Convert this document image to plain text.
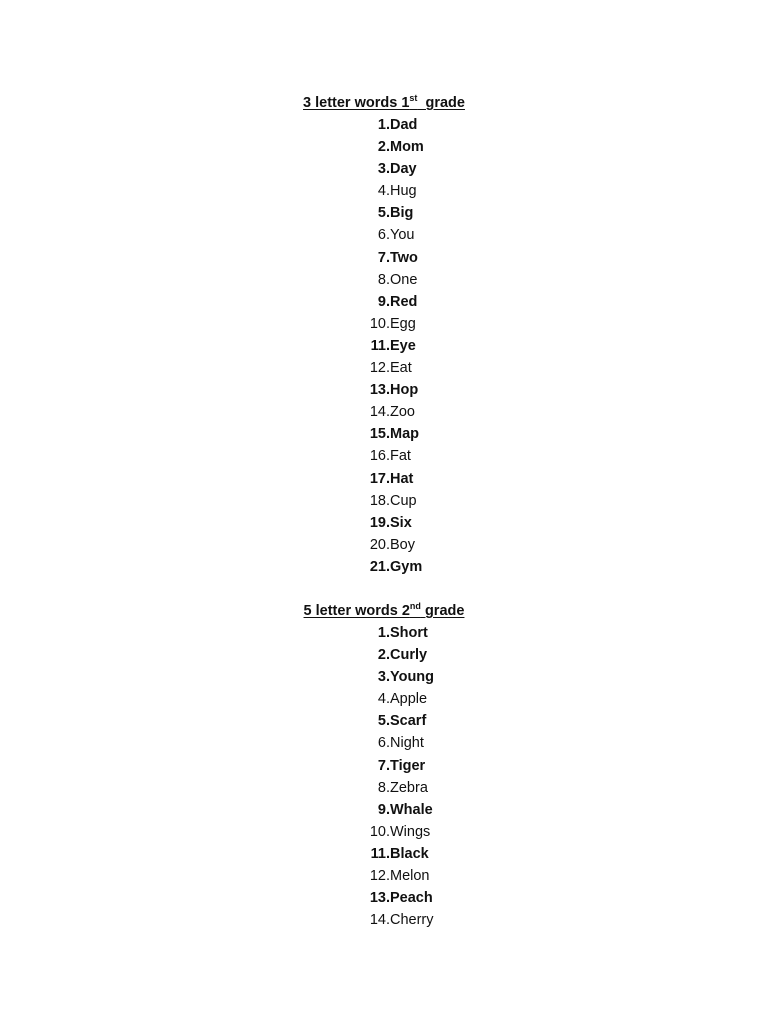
3 letter words 1st grade
1. Dad
2. Mom
3. Day
4. Hug
5. Big
6. You
7. Two
8. One
9. Red
10. Egg
11. Eye
12. Eat
13. Hop
14. Zoo
15. Map
16. Fat
17. Hat
18. Cup
19. Six
20. Boy
21. Gym
5 letter words 2nd grade
1. Short
2. Curly
3. Young
4. Apple
5. Scarf
6. Night
7. Tiger
8. Zebra
9. Whale
10. Wings
11. Black
12. Melon
13. Peach
14. Cherry
